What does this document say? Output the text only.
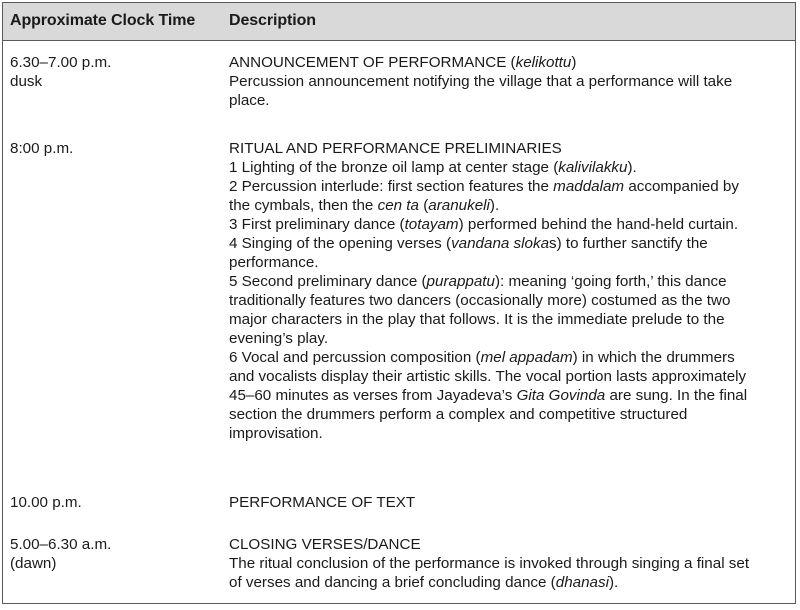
Approximate Clock Time Description
6.30–7.00 p.m.
dusk
ANNOUNCEMENT OF PERFORMANCE (kelikottu)
Percussion announcement notifying the village that a performance will take
place.
8:00 p.m.	RITUAL AND PERFORMANCE PRELIMINARIES
1 Lighting of the bronze oil lamp at center stage (kalivilakku).
2 Percussion interlude: first section features the maddalam accompanied by
the cymbals, then the cen ta (aranukeli).
3 First preliminary dance (totayam) performed behind the hand-held curtain.
4 Singing of the opening verses (vandana slokas) to further sanctify the
performance.
5 Second preliminary dance (purappatu): meaning ‘going forth,’ this dance
traditionally features two dancers (occasionally more) costumed as the two
major characters in the play that follows. It is the immediate prelude to the
evening’s play.
6 Vocal and percussion composition (mel appadam) in which the drummers
and vocalists display their artistic skills. The vocal portion lasts approximately
45–60 minutes as verses from Jayadeva’s Gita Govinda are sung. In the final
section the drummers perform a complex and competitive structured
improvisation.
10.00 p.m.	PERFORMANCE OF TEXT
5.00–6.30 a.m.
(dawn)
CLOSING VERSES/DANCE
The ritual conclusion of the performance is invoked through singing a final set
of verses and dancing a brief concluding dance (dhanasi).
